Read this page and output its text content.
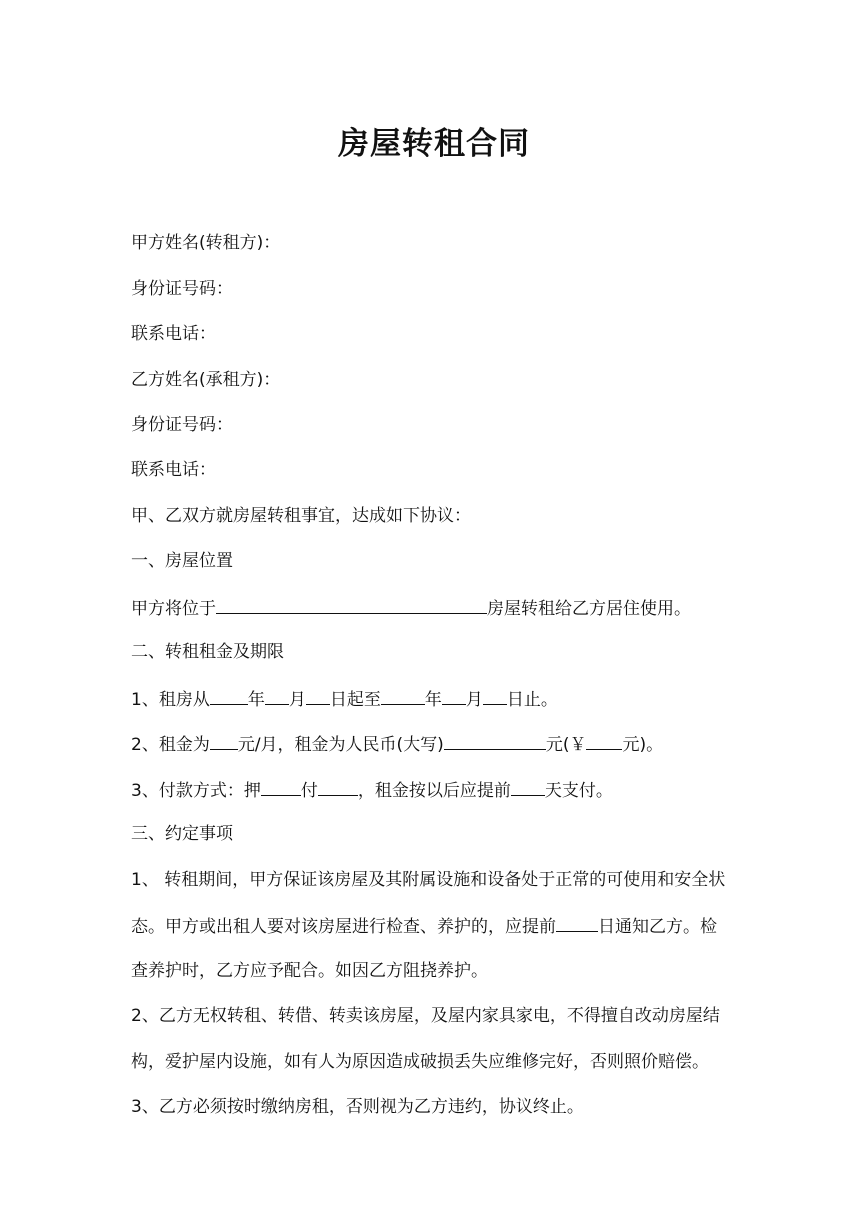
房屋转租合同
甲方姓名(转租方)：
身份证号码：
联系电话：
乙方姓名(承租方)：
身份证号码：
联系电话：
甲、乙双方就房屋转租事宜，达成如下协议：
一、房屋位置
甲方将位于	房屋转租给乙方居住使用。
二、转租租金及期限
1、租房从 年 月 日起至	年 月 日止。
2、租金为 元/月，租金为人民币(大写)	元(￥ 元)。
3、付款方式：押 付 ，租金按以后应提前 天支付。
三、约定事项
1、 转租期间，甲方保证该房屋及其附属设施和设备处于正常的可使用和安全状
态。甲方或出租人要对该房屋进行检查、养护的，应提前 日通知乙方。检
查养护时，乙方应予配合。如因乙方阻挠养护。
2、乙方无权转租、转借、转卖该房屋，及屋内家具家电，不得擅自改动房屋结
构，爱护屋内设施，如有人为原因造成破损丢失应维修完好，否则照价赔偿。
3、乙方必须按时缴纳房租，否则视为乙方违约，协议终止。
